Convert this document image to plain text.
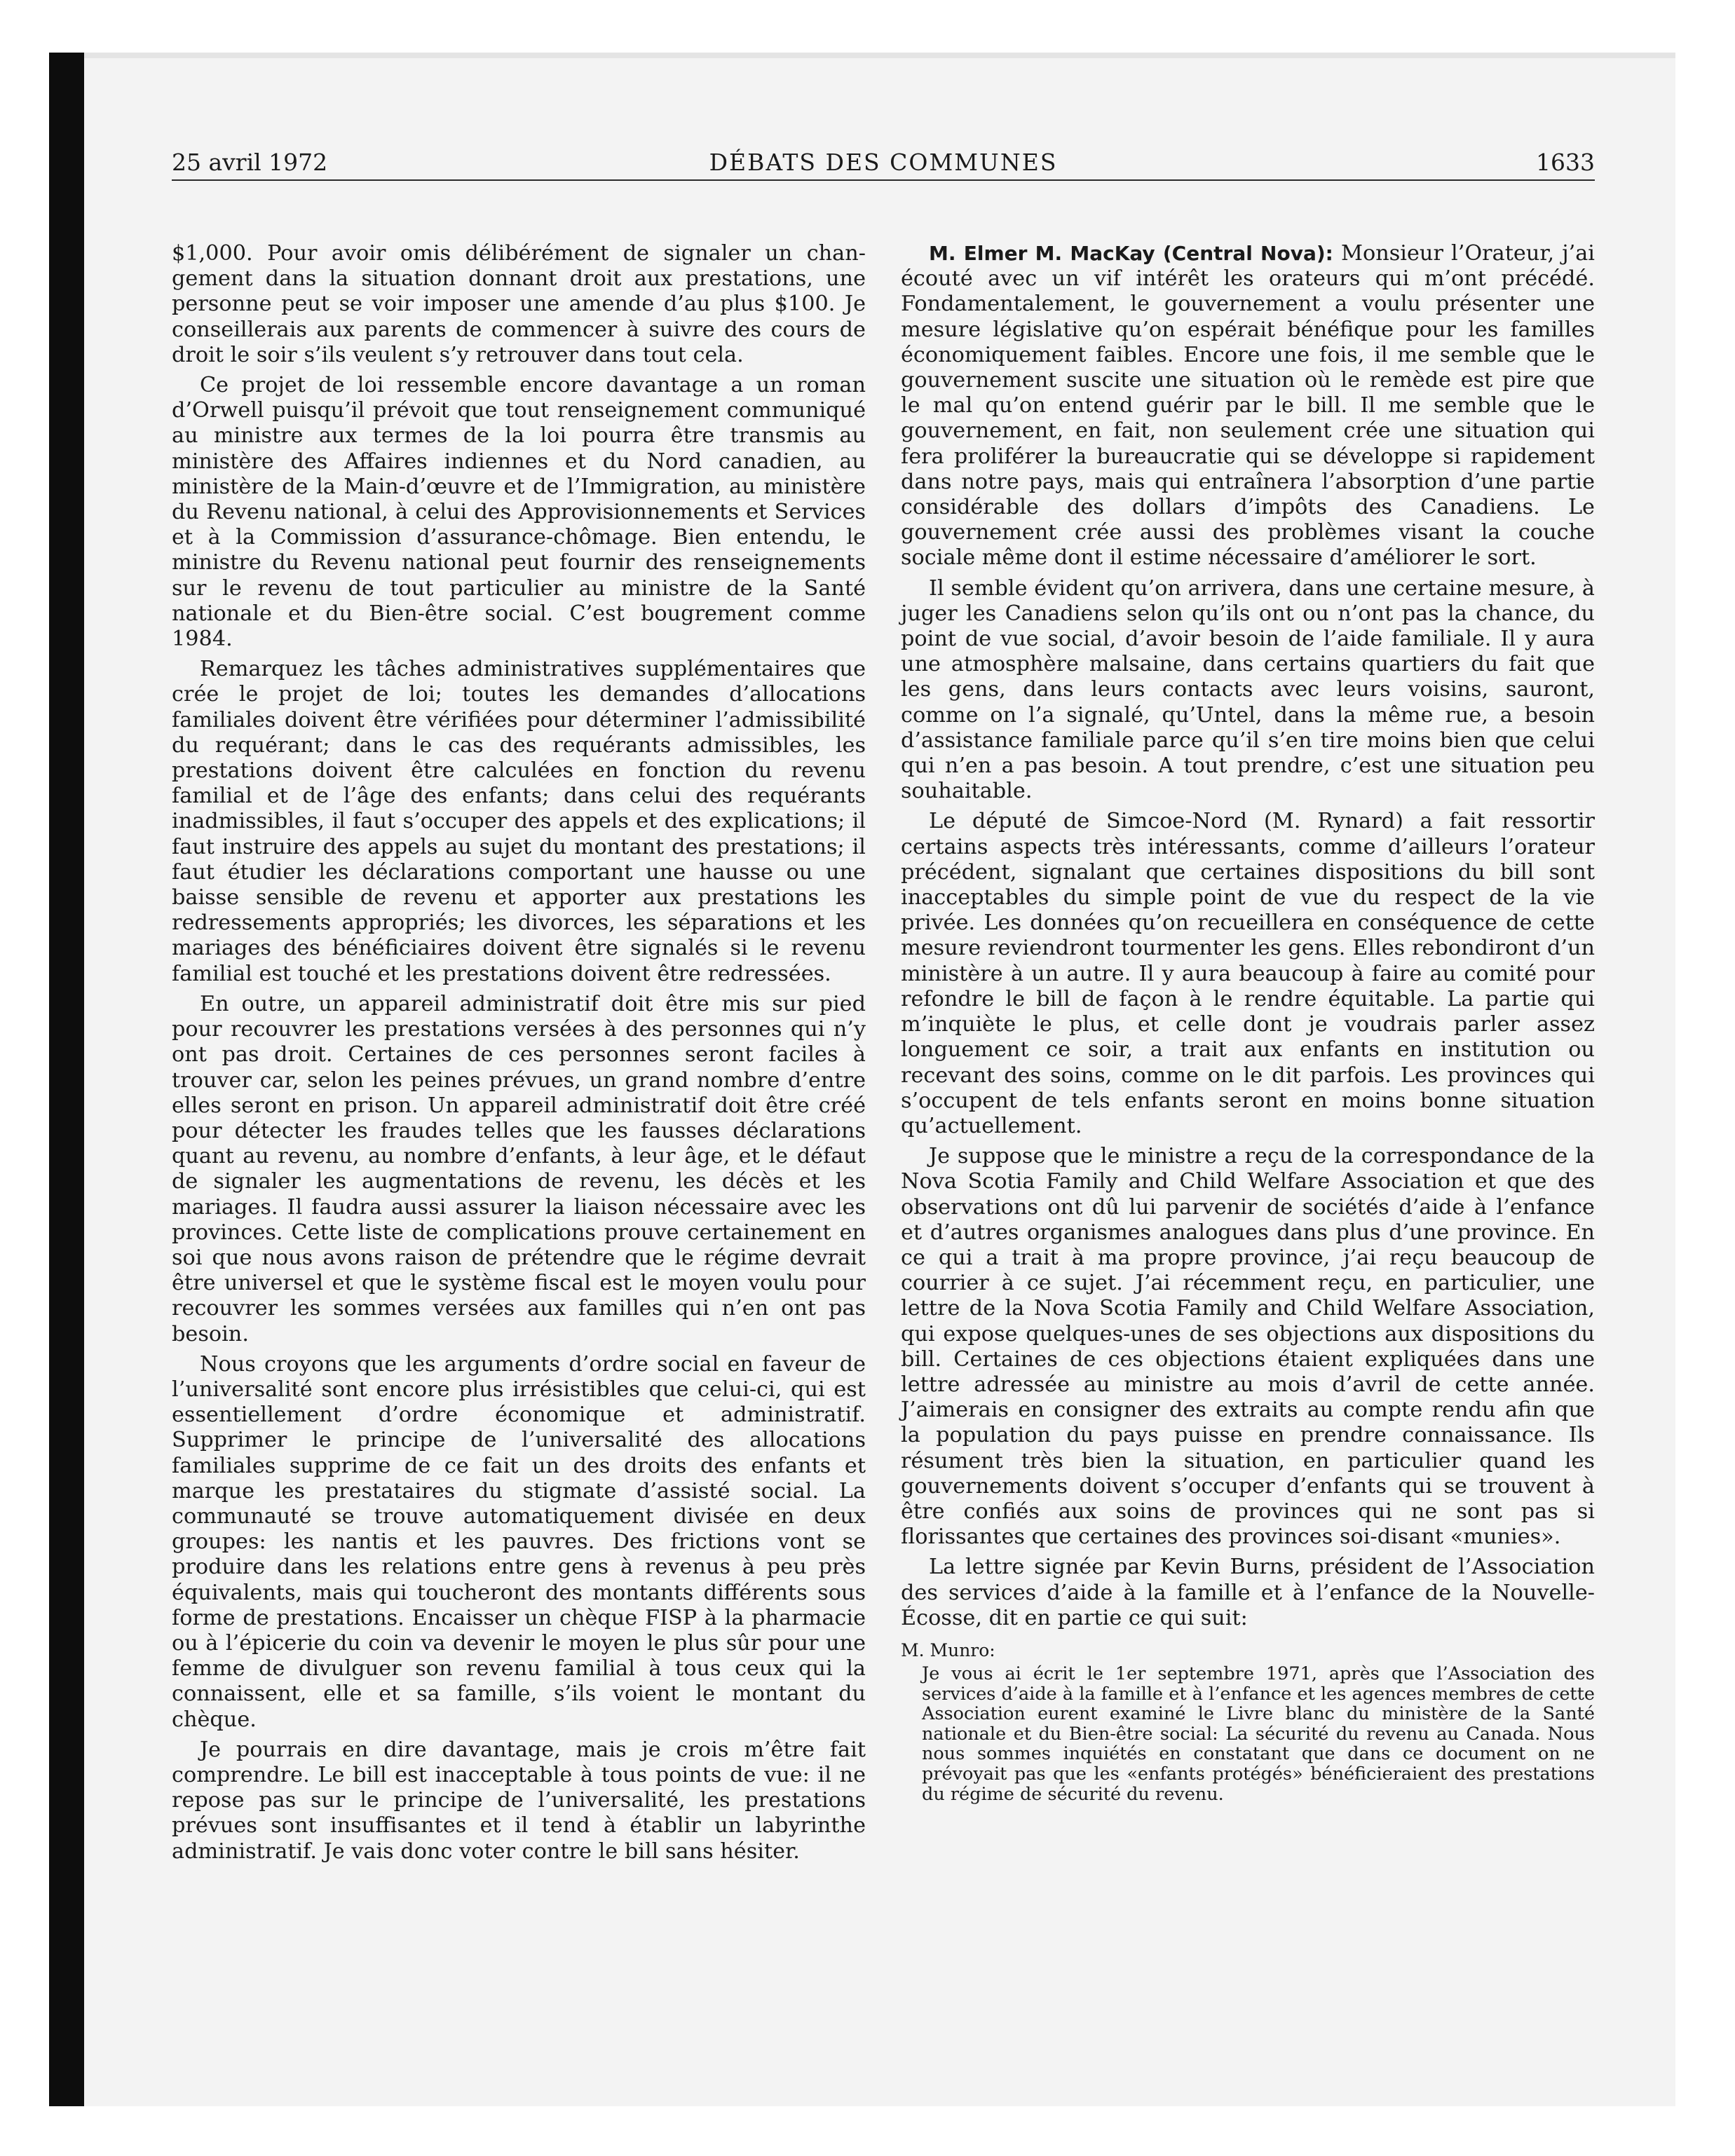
25 avril 1972	DÉBATS DES COMMUNES	1633

$1,000. Pour avoir omis délibérément de signaler un changement dans la situation donnant droit aux prestations, une personne peut se voir imposer une amende d’au plus $100. Je conseillerais aux parents de commencer à suivre des cours de droit le soir s’ils veulent s’y retrouver dans tout cela.

Ce projet de loi ressemble encore davantage a un roman d’Orwell puisqu’il prévoit que tout renseignement communiqué au ministre aux termes de la loi pourra être transmis au ministère des Affaires indiennes et du Nord canadien, au ministère de la Main-d’œuvre et de l’Immigration, au ministère du Revenu national, à celui des Approvisionnements et Services et à la Commission d’assurance-chômage. Bien entendu, le ministre du Revenu national peut fournir des renseignements sur le revenu de tout particulier au ministre de la Santé nationale et du Bien-être social. C’est bougrement comme 1984.

Remarquez les tâches administratives supplémentaires que crée le projet de loi; toutes les demandes d’allocations familiales doivent être vérifiées pour déterminer l’admissibilité du requérant; dans le cas des requérants admissibles, les prestations doivent être calculées en fonction du revenu familial et de l’âge des enfants; dans celui des requérants inadmissibles, il faut s’occuper des appels et des explications; il faut instruire des appels au sujet du montant des prestations; il faut étudier les déclarations comportant une hausse ou une baisse sensible de revenu et apporter aux prestations les redressements appropriés; les divorces, les séparations et les mariages des bénéficiaires doivent être signalés si le revenu familial est touché et les prestations doivent être redressées.

En outre, un appareil administratif doit être mis sur pied pour recouvrer les prestations versées à des personnes qui n’y ont pas droit. Certaines de ces personnes seront faciles à trouver car, selon les peines prévues, un grand nombre d’entre elles seront en prison. Un appareil administratif doit être créé pour détecter les fraudes telles que les fausses déclarations quant au revenu, au nombre d’enfants, à leur âge, et le défaut de signaler les augmentations de revenu, les décès et les mariages. Il faudra aussi assurer la liaison nécessaire avec les provinces. Cette liste de complications prouve certainement en soi que nous avons raison de prétendre que le régime devrait être universel et que le système fiscal est le moyen voulu pour recouvrer les sommes versées aux familles qui n’en ont pas besoin.

Nous croyons que les arguments d’ordre social en faveur de l’universalité sont encore plus irrésistibles que celui-ci, qui est essentiellement d’ordre économique et administratif. Supprimer le principe de l’universalité des allocations familiales supprime de ce fait un des droits des enfants et marque les prestataires du stigmate d’assisté social. La communauté se trouve automatiquement divisée en deux groupes: les nantis et les pauvres. Des frictions vont se produire dans les relations entre gens à revenus à peu près équivalents, mais qui toucheront des montants différents sous forme de prestations. Encaisser un chèque FISP à la pharmacie ou à l’épicerie du coin va devenir le moyen le plus sûr pour une femme de divulguer son revenu familial à tous ceux qui la connaissent, elle et sa famille, s’ils voient le montant du chèque.

Je pourrais en dire davantage, mais je crois m’être fait comprendre. Le bill est inacceptable à tous points de vue: il ne repose pas sur le principe de l’universalité, les prestations prévues sont insuffisantes et il tend à établir un labyrinthe administratif. Je vais donc voter contre le bill sans hésiter.

M. Elmer M. MacKay (Central Nova): Monsieur l’Orateur, j’ai écouté avec un vif intérêt les orateurs qui m’ont précédé. Fondamentalement, le gouvernement a voulu présenter une mesure législative qu’on espérait bénéfique pour les familles économiquement faibles. Encore une fois, il me semble que le gouvernement suscite une situation où le remède est pire que le mal qu’on entend guérir par le bill. Il me semble que le gouvernement, en fait, non seulement crée une situation qui fera proliférer la bureaucratie qui se développe si rapidement dans notre pays, mais qui entraînera l’absorption d’une partie considérable des dollars d’impôts des Canadiens. Le gouvernement crée aussi des problèmes visant la couche sociale même dont il estime nécessaire d’améliorer le sort.

Il semble évident qu’on arrivera, dans une certaine mesure, à juger les Canadiens selon qu’ils ont ou n’ont pas la chance, du point de vue social, d’avoir besoin de l’aide familiale. Il y aura une atmosphère malsaine, dans certains quartiers du fait que les gens, dans leurs contacts avec leurs voisins, sauront, comme on l’a signalé, qu’Untel, dans la même rue, a besoin d’assistance familiale parce qu’il s’en tire moins bien que celui qui n’en a pas besoin. A tout prendre, c’est une situation peu souhaitable.

Le député de Simcoe-Nord (M. Rynard) a fait ressortir certains aspects très intéressants, comme d’ailleurs l’orateur précédent, signalant que certaines dispositions du bill sont inacceptables du simple point de vue du respect de la vie privée. Les données qu’on recueillera en conséquence de cette mesure reviendront tourmenter les gens. Elles rebondiront d’un ministère à un autre. Il y aura beaucoup à faire au comité pour refondre le bill de façon à le rendre équitable. La partie qui m’inquiète le plus, et celle dont je voudrais parler assez longuement ce soir, a trait aux enfants en institution ou recevant des soins, comme on le dit parfois. Les provinces qui s’occupent de tels enfants seront en moins bonne situation qu’actuellement.

Je suppose que le ministre a reçu de la correspondance de la Nova Scotia Family and Child Welfare Association et que des observations ont dû lui parvenir de sociétés d’aide à l’enfance et d’autres organismes analogues dans plus d’une province. En ce qui a trait à ma propre province, j’ai reçu beaucoup de courrier à ce sujet. J’ai récemment reçu, en particulier, une lettre de la Nova Scotia Family and Child Welfare Association, qui expose quelques-unes de ses objections aux dispositions du bill. Certaines de ces objections étaient expliquées dans une lettre adressée au ministre au mois d’avril de cette année. J’aimerais en consigner des extraits au compte rendu afin que la population du pays puisse en prendre connaissance. Ils résument très bien la situation, en particulier quand les gouvernements doivent s’occuper d’enfants qui se trouvent à être confiés aux soins de provinces qui ne sont pas si florissantes que certaines des provinces soi-disant «munies».

La lettre signée par Kevin Burns, président de l’Association des services d’aide à la famille et à l’enfance de la Nouvelle-Écosse, dit en partie ce qui suit:

M. Munro:
Je vous ai écrit le 1er septembre 1971, après que l’Association des services d’aide à la famille et à l’enfance et les agences membres de cette Association eurent examiné le Livre blanc du ministère de la Santé nationale et du Bien-être social: La sécurité du revenu au Canada. Nous nous sommes inquiétés en constatant que dans ce document on ne prévoyait pas que les «enfants protégés» bénéficieraient des prestations du régime de sécurité du revenu.
